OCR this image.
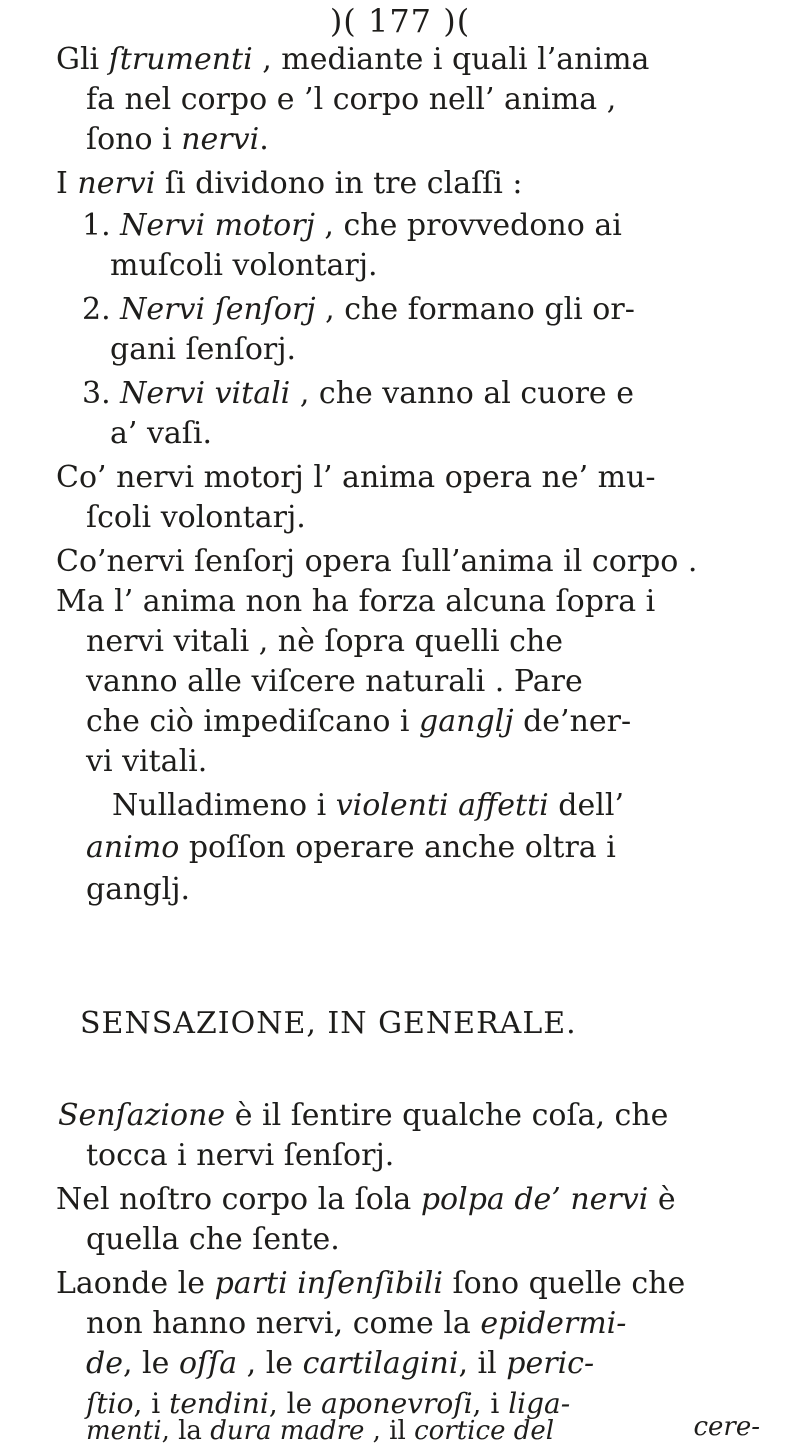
)( 177 )(
Gli ſtrumenti , mediante i quali l’anima
fa nel corpo e ’l corpo nell’ anima ,
ſono i nervi.
I nervi ſi dividono in tre claſſi :
1. Nervi motorj , che provvedono ai
muſcoli volontarj.
2. Nervi ſenſorj , che formano gli or-
gani ſenſorj.
3. Nervi vitali , che vanno al cuore e
a’ vaſi.
Co’ nervi motorj l’ anima opera ne’ mu-
ſcoli volontarj.
Co’nervi ſenſorj opera ſull’anima il corpo .
Ma l’ anima non ha forza alcuna ſopra i
nervi vitali , nè ſopra quelli che
vanno alle viſcere naturali . Pare
che ciò impediſcano i ganglj de’ner-
vi vitali.
Nulladimeno i violenti affetti dell’
animo poſſon operare anche oltra i
ganglj.
SENSAZIONE, IN GENERALE.
Senſazione è il ſentire qualche coſa, che
tocca i nervi ſenſorj.
Nel noſtro corpo la ſola polpa de’ nervi è
quella che ſente.
Laonde le parti inſenſibili ſono quelle che
non hanno nervi, come la epidermi-
de, le oſſa , le cartilagini, il peric-
ſtio, i tendini, le aponevroſi, i liga-
menti, la dura madre , il cortice del	cere-
